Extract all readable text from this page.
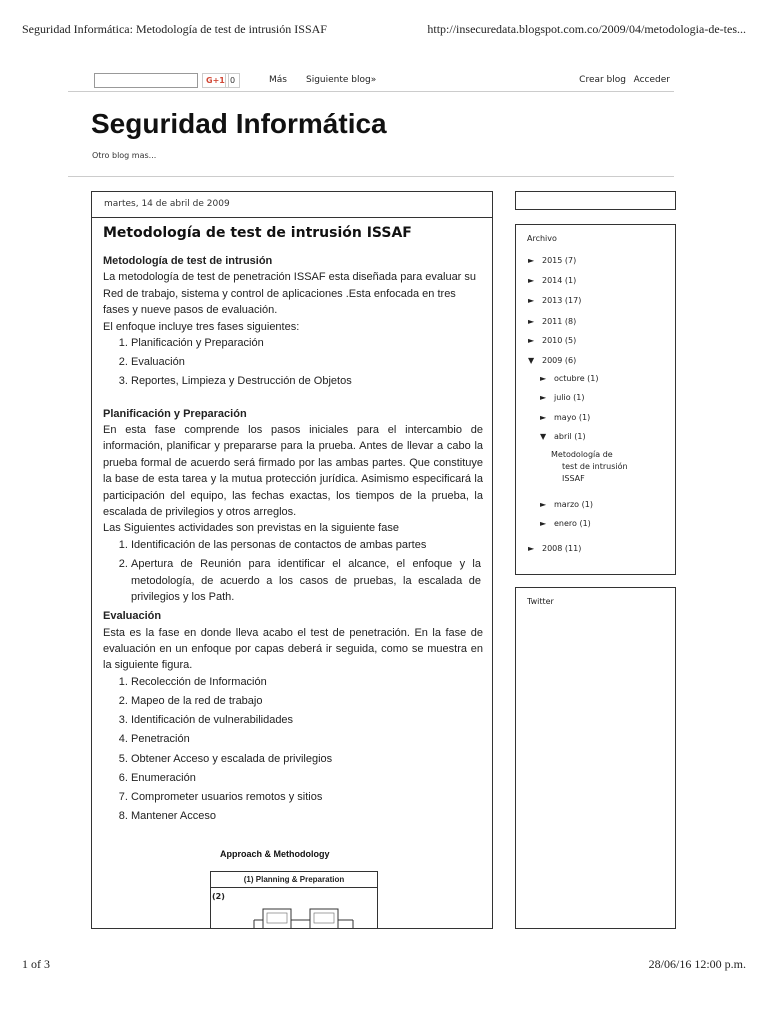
Seguridad Informática: Metodología de test de intrusión ISSAF	http://insecuredata.blogspot.com.co/2009/04/metodologia-de-tes...
G+1 0	Más Siguiente blog»	Crear blog Acceder
Seguridad Informática
Otro blog mas...
martes, 14 de abril de 2009
Metodología de test de intrusión ISSAF
Metodología de test de intrusión

La metodología de test de penetración ISSAF esta diseñada para evaluar su Red de trabajo, sistema y control de aplicaciones .Esta enfocada en tres fases y nueve pasos de evaluación.

El enfoque incluye tres fases siguientes:

1. Planificación y Preparación
2. Evaluación
3. Reportes, Limpieza y Destrucción de Objetos
Planificación y Preparación

En esta fase comprende los pasos iniciales para el intercambio de información, planificar y prepararse para la prueba. Antes de llevar a cabo la prueba formal de acuerdo será firmado por las ambas partes. Que constituye la base de esta tarea y la mutua protección jurídica. Asimismo especificará la participación del equipo, las fechas exactas, los tiempos de la prueba, la escalada de privilegios y otros arreglos.

Las Siguientes actividades son previstas en la siguiente fase

1. Identificación de las personas de contactos de ambas partes
2. Apertura de Reunión para identificar el alcance, el enfoque y la metodología, de acuerdo a los casos de pruebas, la escalada de privilegios y los Path.
Evaluación

Esta es la fase en donde lleva acabo el test de penetración. En la fase de evaluación en un enfoque por capas deberá ir seguida, como se muestra en la siguiente figura.

1. Recolección de Información
2. Mapeo de la red de trabajo
3. Identificación de vulnerabilidades
4. Penetración
5. Obtener Acceso y escalada de privilegios
6. Enumeración
7. Comprometer usuarios remotos y sitios
8. Mantener Acceso
Approach & Methodology
(1) Planning & Preparation
(2)
Archivo
► 2015 (7)
► 2014 (1)
► 2013 (17)
► 2011 (8)
► 2010 (5)
▼ 2009 (6)
► octubre (1)
► julio (1)
► mayo (1)
▼ abril (1)
Metodología de
test de intrusión
ISSAF
► marzo (1)
► enero (1)
► 2008 (11)
Twitter
1 of 3	28/06/16 12:00 p.m.
